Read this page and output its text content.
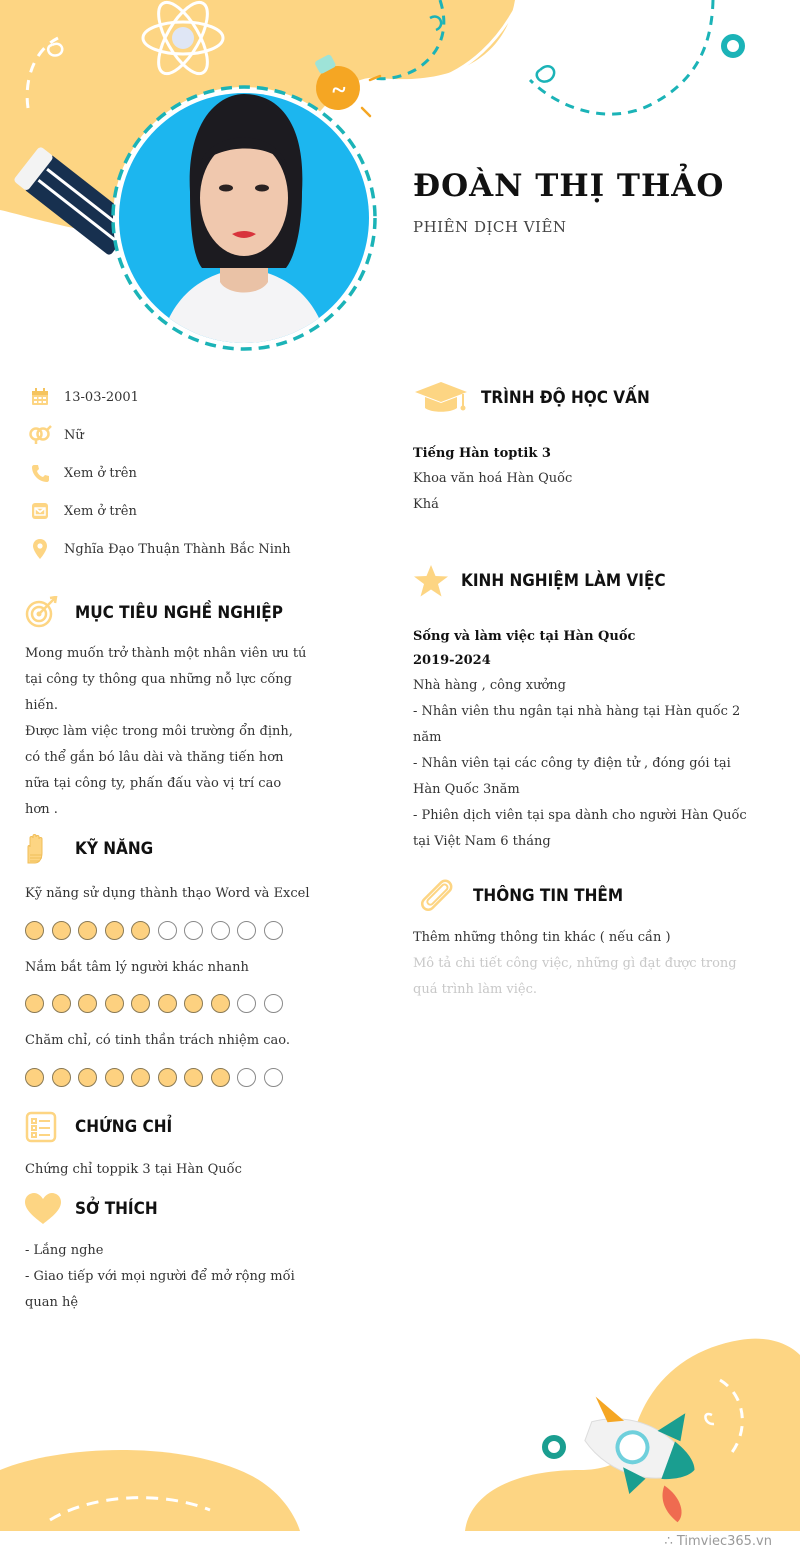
ĐOÀN THỊ THẢO
PHIÊN DỊCH VIÊN
13-03-2001
Nữ
Xem ở trên
Xem ở trên
Nghĩa Đạo Thuận Thành Bắc Ninh
MỤC TIÊU NGHỀ NGHIỆP
Mong muốn trở thành một nhân viên ưu tú
tại công ty thông qua những nỗ lực cống
hiến.
Được làm việc trong môi trường ổn định,
có thể gắn bó lâu dài và thăng tiến hơn
nữa tại công ty, phấn đấu vào vị trí cao
hơn .
KỸ NĂNG
Kỹ năng sử dụng thành thạo Word và Excel
Nắm bắt tâm lý người khác nhanh
Chăm chỉ, có tinh thần trách nhiệm cao.
CHỨNG CHỈ
Chứng chỉ toppik 3 tại Hàn Quốc
SỞ THÍCH
- Lắng nghe
- Giao tiếp với mọi người để mở rộng mối
quan hệ
TRÌNH ĐỘ HỌC VẤN
Tiếng Hàn toptik 3
Khoa văn hoá Hàn Quốc
Khá
KINH NGHIỆM LÀM VIỆC
Sống và làm việc tại Hàn Quốc
2019-2024
Nhà hàng , công xưởng
- Nhân viên thu ngân tại nhà hàng tại Hàn quốc 2
năm
- Nhân viên tại các công ty điện tử , đóng gói tại
Hàn Quốc 3năm
- Phiên dịch viên tại spa dành cho người Hàn Quốc
tại Việt Nam 6 tháng
THÔNG TIN THÊM
Thêm những thông tin khác ( nếu cần )
Mô tả chi tiết công việc, những gì đạt được trong
quá trình làm việc.
∴ Timviec365.vn
